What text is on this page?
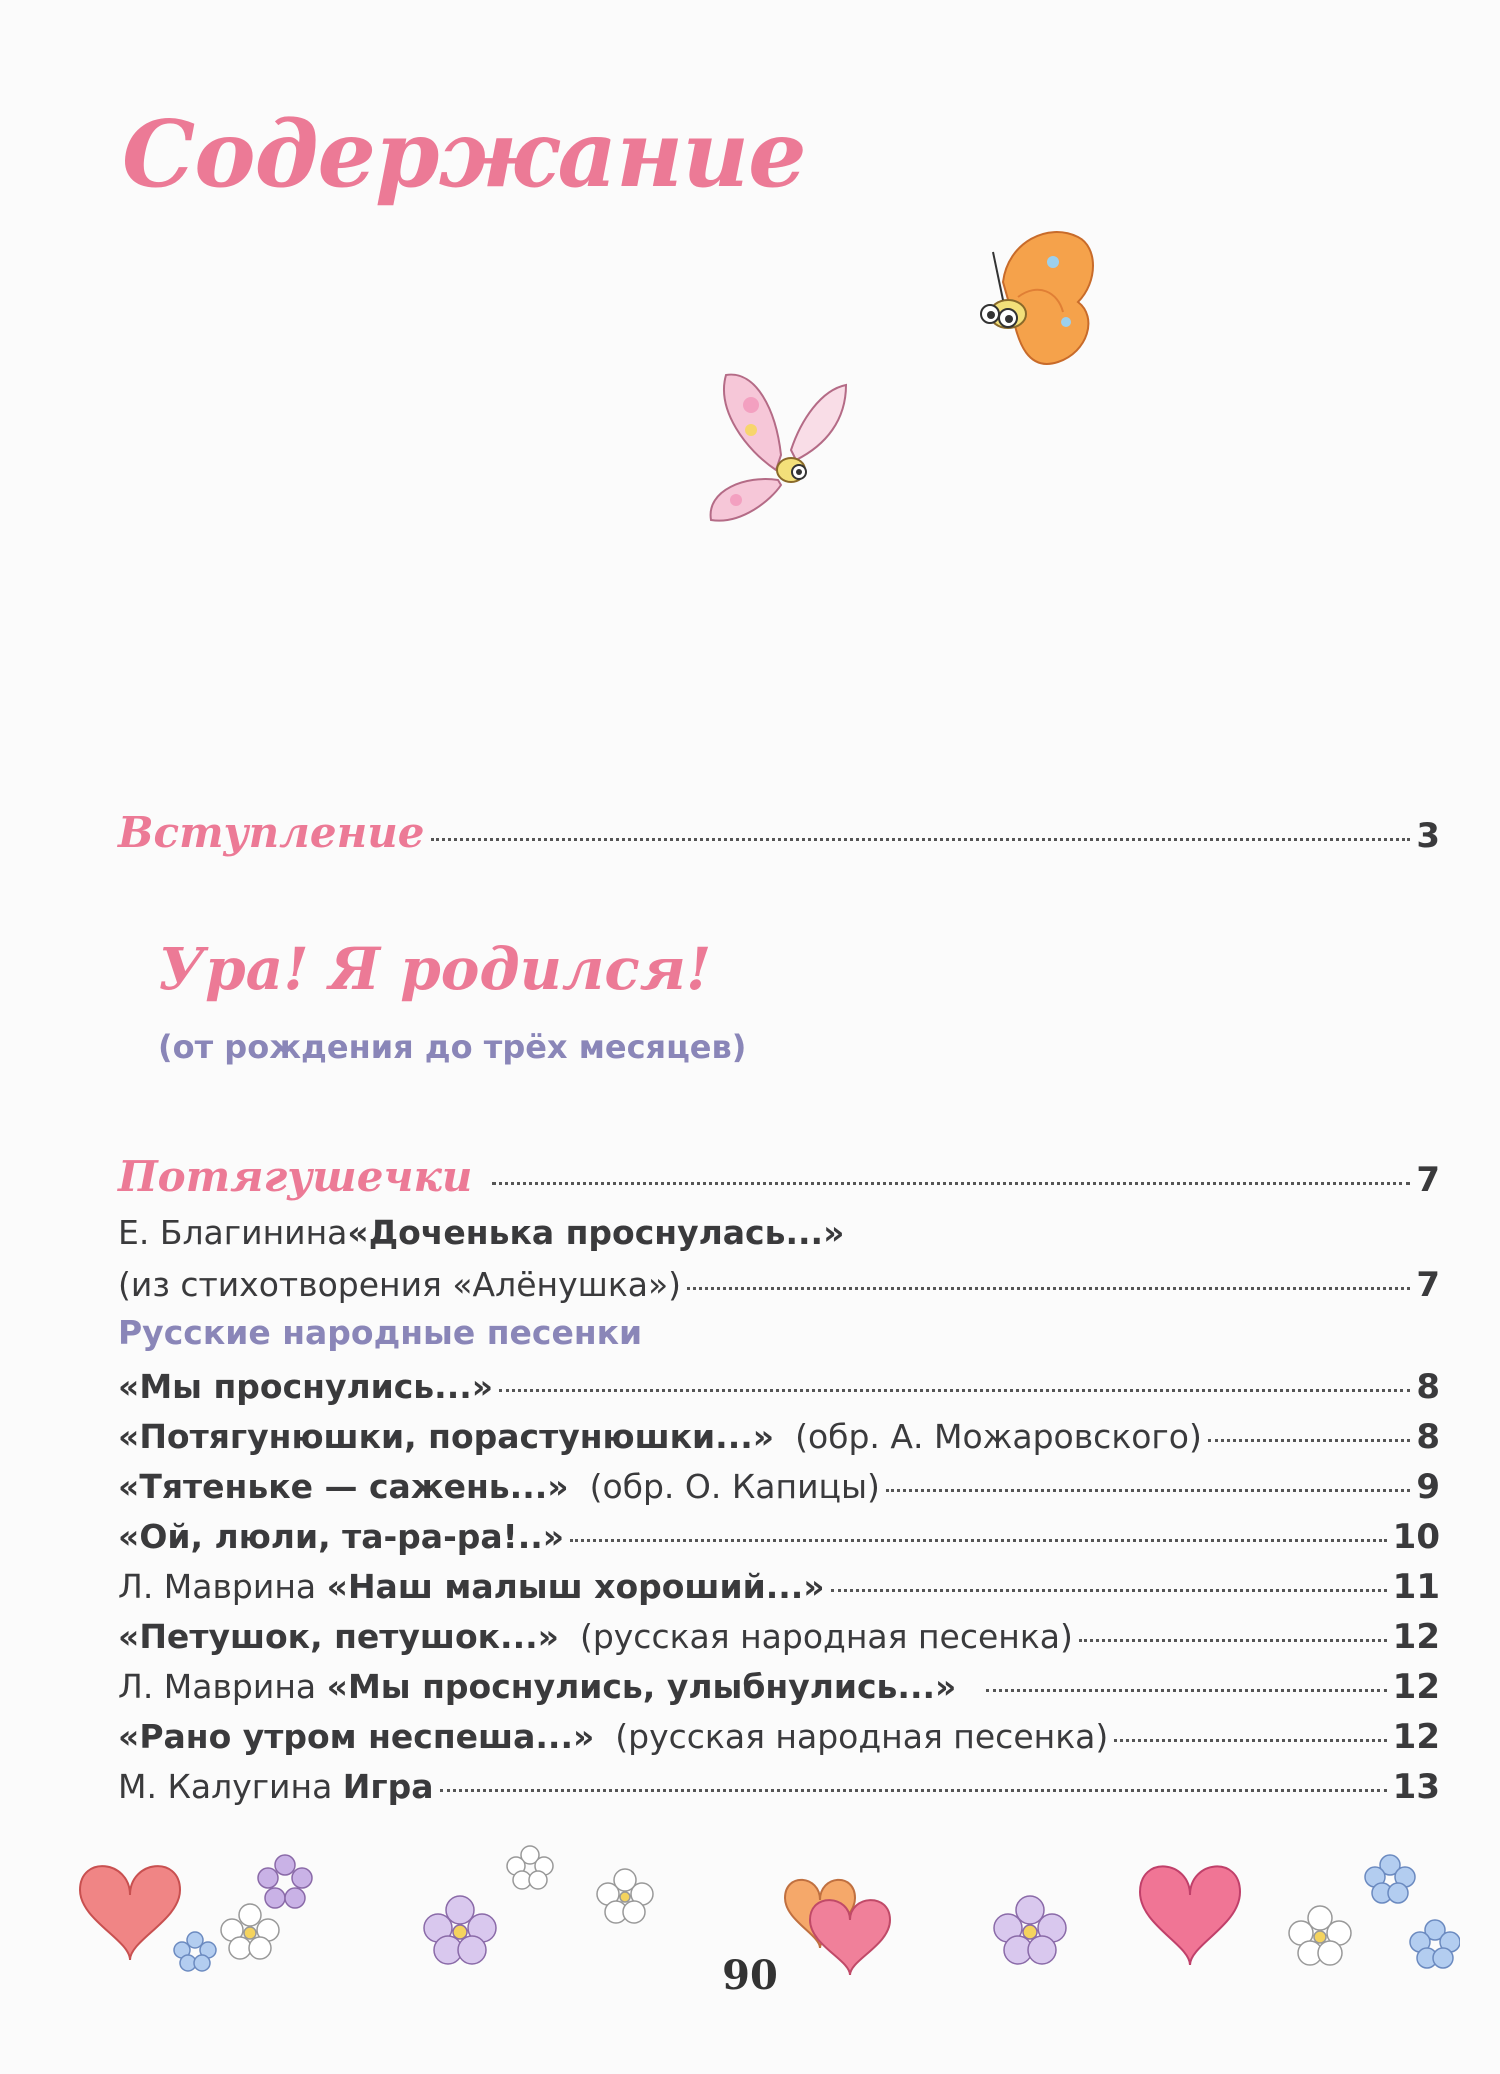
Содержание
Вступление	3
Ура! Я родился!
(от рождения до трёх месяцев)
Потягушечки	7
Е. Благинина «Доченька проснулась...»
(из стихотворения «Алёнушка»)	7
Русские народные песенки
«Мы проснулись...»	8
«Потягунюшки, порастунюшки...» (обр. А. Можаровского)	8
«Тятеньке — сажень...» (обр. О. Капицы)	9
«Ой, люли, та-ра-ра!..»	10
Л. Маврина «Наш малыш хороший...»	11
«Петушок, петушок...» (русская народная песенка)	12
Л. Маврина «Мы проснулись, улыбнулись...»	12
«Рано утром неспеша...» (русская народная песенка)	12
М. Калугина Игра	13
90
